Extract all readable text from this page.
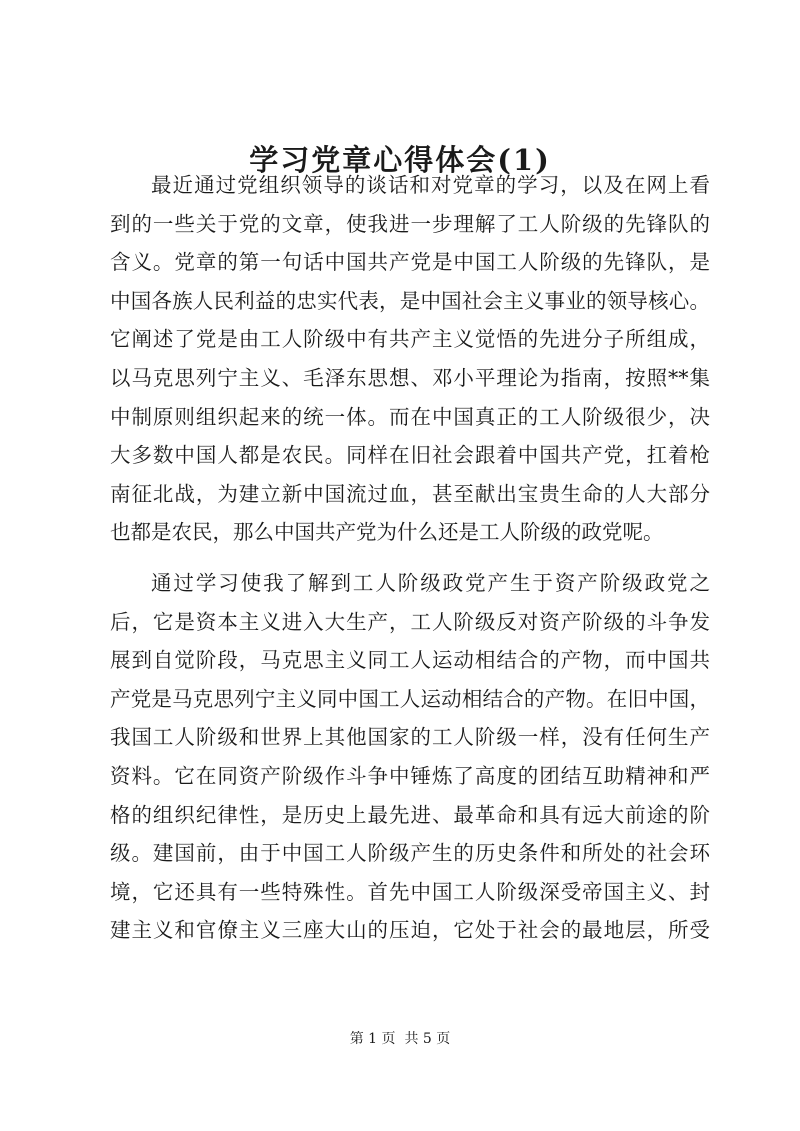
学习党章心得体会(1)
最近通过党组织领导的谈话和对党章的学习，以及在网上看
到的一些关于党的文章，使我进一步理解了工人阶级的先锋队的
含义。党章的第一句话中国共产党是中国工人阶级的先锋队，是
中国各族人民利益的忠实代表，是中国社会主义事业的领导核心。
它阐述了党是由工人阶级中有共产主义觉悟的先进分子所组成，
以马克思列宁主义、毛泽东思想、邓小平理论为指南，按照**集
中制原则组织起来的统一体。而在中国真正的工人阶级很少，决
大多数中国人都是农民。同样在旧社会跟着中国共产党，扛着枪
南征北战，为建立新中国流过血，甚至献出宝贵生命的人大部分
也都是农民，那么中国共产党为什么还是工人阶级的政党呢。
通过学习使我了解到工人阶级政党产生于资产阶级政党之
后，它是资本主义进入大生产，工人阶级反对资产阶级的斗争发
展到自觉阶段，马克思主义同工人运动相结合的产物，而中国共
产党是马克思列宁主义同中国工人运动相结合的产物。在旧中国，
我国工人阶级和世界上其他国家的工人阶级一样，没有任何生产
资料。它在同资产阶级作斗争中锤炼了高度的团结互助精神和严
格的组织纪律性，是历史上最先进、最革命和具有远大前途的阶
级。建国前，由于中国工人阶级产生的历史条件和所处的社会环
境，它还具有一些特殊性。首先中国工人阶级深受帝国主义、封
建主义和官僚主义三座大山的压迫，它处于社会的最地层，所受
第 1 页  共 5 页
